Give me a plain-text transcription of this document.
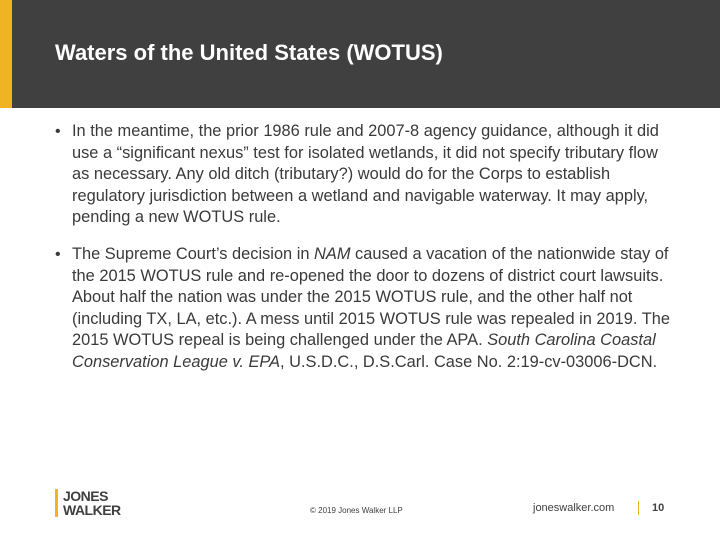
Waters of the United States (WOTUS)
• In the meantime, the prior 1986 rule and 2007-8 agency guidance, although it did use a “significant nexus” test for isolated wetlands, it did not specify tributary flow as necessary. Any old ditch (tributary?) would do for the Corps to establish regulatory jurisdiction between a wetland and navigable waterway. It may apply, pending a new WOTUS rule.
• The Supreme Court’s decision in NAM caused a vacation of the nationwide stay of the 2015 WOTUS rule and re-opened the door to dozens of district court lawsuits. About half the nation was under the 2015 WOTUS rule, and the other half not (including TX, LA, etc.). A mess until 2015 WOTUS rule was repealed in 2019. The 2015 WOTUS repeal is being challenged under the APA. South Carolina Coastal Conservation League v. EPA, U.S.D.C., D.S.Carl. Case No. 2:19-cv-03006-DCN.
JONES
WALKER	© 2019 Jones Walker LLP	joneswalker.com	10
